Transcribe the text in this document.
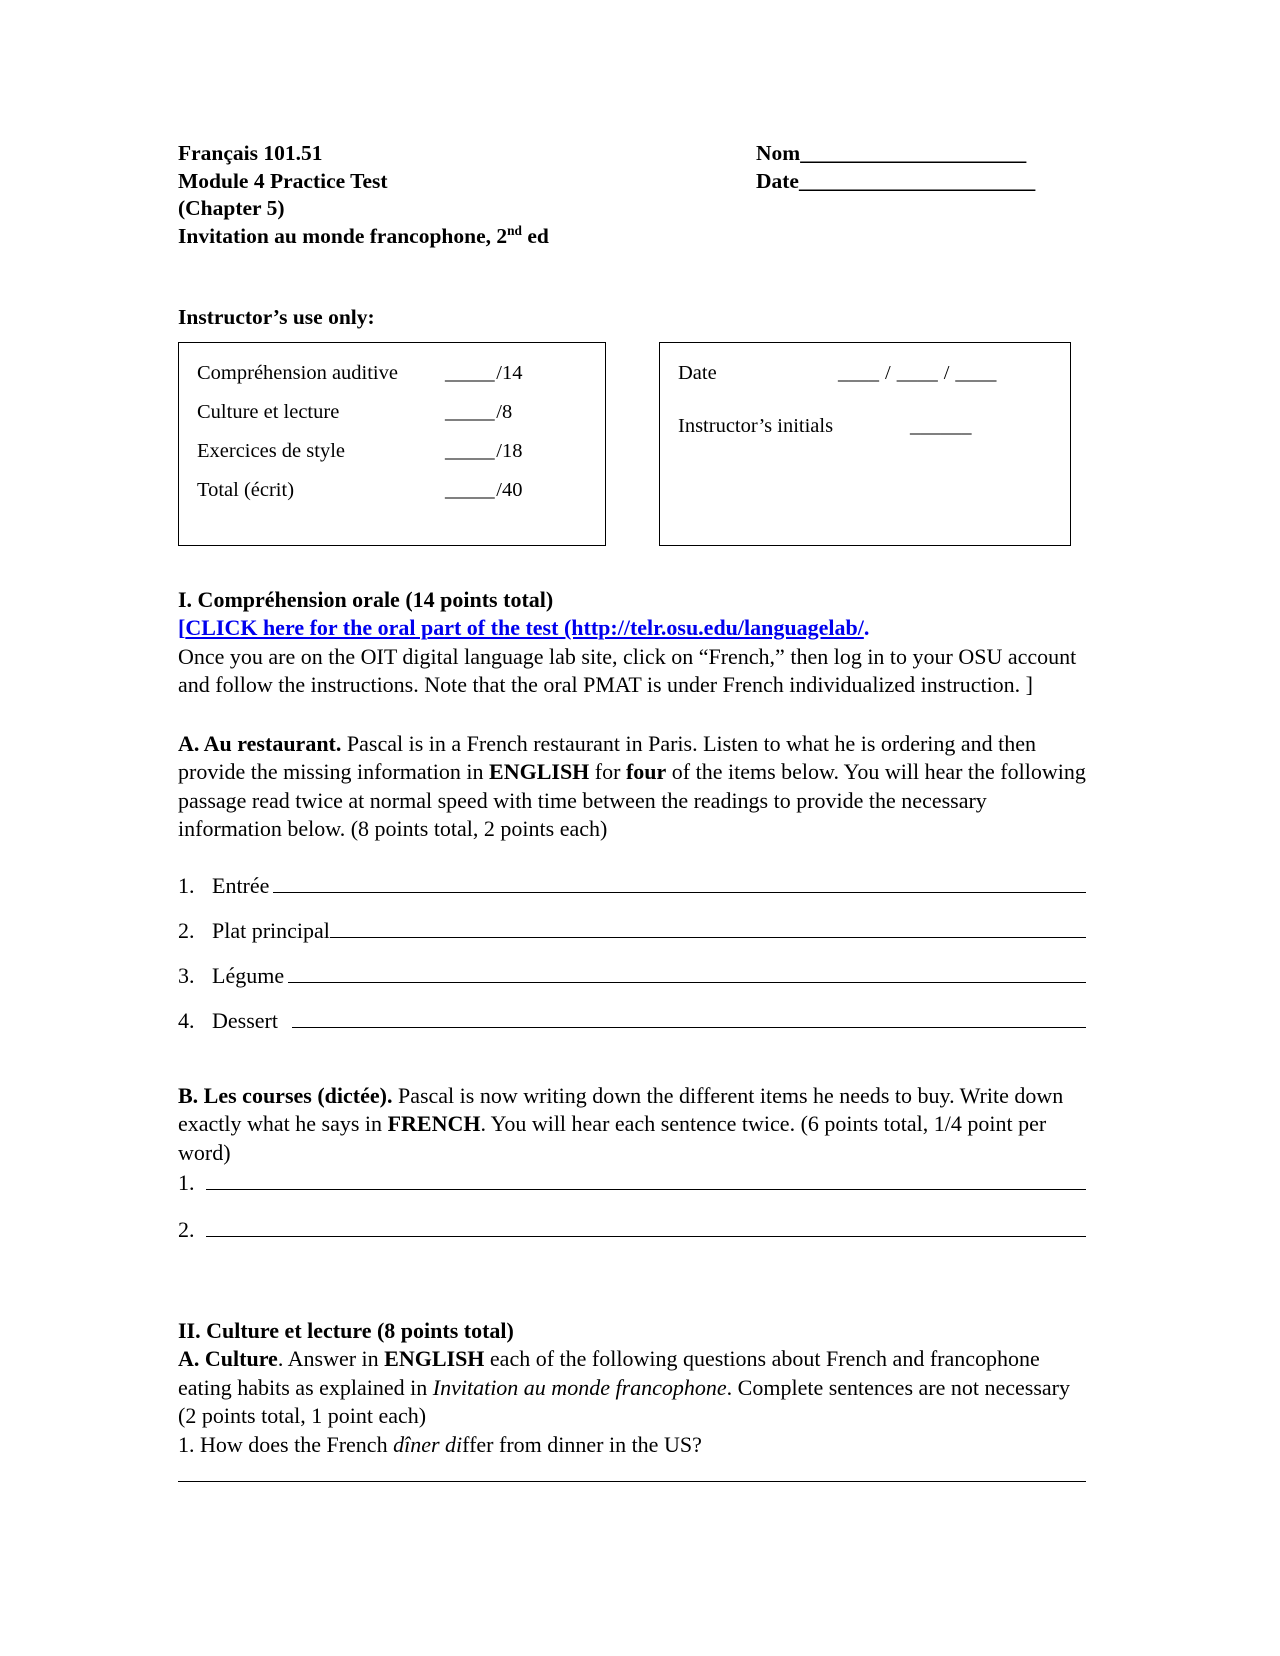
Français 101.51
Module 4 Practice Test
(Chapter 5)
Invitation au monde francophone, 2nd ed
Nom______________________
Date_______________________
Instructor’s use only:
Compréhension auditive	_____ /14
Culture et lecture	_____ /8
Exercices de style	_____ /18
Total (écrit)	_____ /40
Date	____ / ____ / ____
Instructor’s initials	______
I. Compréhension orale (14 points total)
[CLICK here for the oral part of the test (http://telr.osu.edu/languagelab/.
Once you are on the OIT digital language lab site, click on “French,” then log in to your OSU account and follow the instructions. Note that the oral PMAT is under French individualized instruction. ]
A. Au restaurant. Pascal is in a French restaurant in Paris. Listen to what he is ordering and then provide the missing information in ENGLISH for four of the items below. You will hear the following passage read twice at normal speed with time between the readings to provide the necessary information below. (8 points total, 2 points each)
1. Entrée
2. Plat principal
3. Légume
4. Dessert
B. Les courses (dictée). Pascal is now writing down the different items he needs to buy. Write down exactly what he says in FRENCH. You will hear each sentence twice. (6 points total, 1/4 point per word)
1.
2.
II. Culture et lecture (8 points total)
A. Culture. Answer in ENGLISH each of the following questions about French and francophone eating habits as explained in Invitation au monde francophone. Complete sentences are not necessary (2 points total, 1 point each)
1. How does the French dîner differ from dinner in the US?
